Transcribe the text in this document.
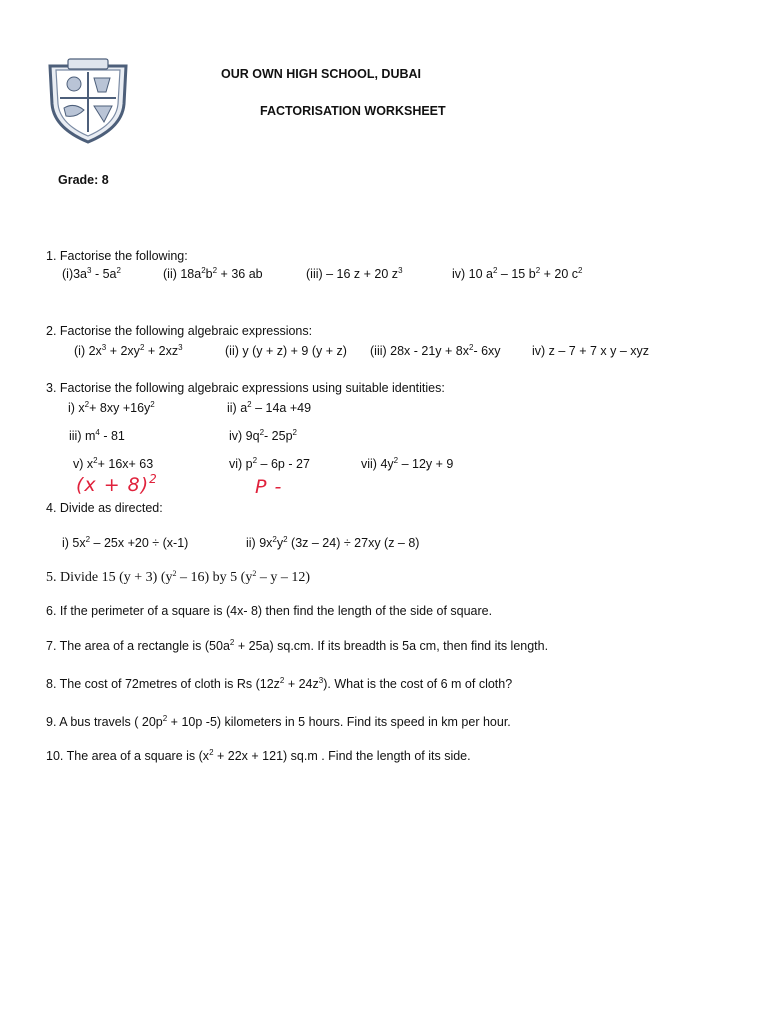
OUR OWN HIGH SCHOOL, DUBAI
FACTORISATION WORKSHEET
Grade: 8
1. Factorise the following:
$(i)3a^3 - 5a^2$	(ii) $18a^2b^2 + 36$ ab	(iii) – 16 z + 20 $z^3$	iv) 10 $a^2 - 15$ $b^2 + 20$ $c^2$
2. Factorise the following algebraic expressions:
(i) $2x^3 + 2xy^2 + 2xz^3$	(ii) y (y + z) + 9 (y + z) (iii) $28x - 21y + 8x^2-$ 6xy	iv) z – 7 + 7 x y – xyz
3. Factorise the following algebraic expressions using suitable identities:
i) $x^2+ 8xy +16y^2$	ii) $a^2 - 14a +49$
iii) $m^4 - 81$	iv) $9q^2-$ $25p^2$
v) $x^2+ 16x+ 63$	vi) $p^2 - 6p - 27$	vii) $4y^2 - 12y + 9$
$(x + 8)^2$	P -
4. Divide as directed:
i) $5x^2 - 25x +20 \div (x-1)$	ii) $9x^2y^2$ (3z – 24) ÷ 27xy (z – 8)
5. Divide 15 (y + 3) $(y^2 - 16)$ by 5 ($y^2$ – y – 12)
6. If the perimeter of a square is (4x- 8) then find the length of the side of square.
7. The area of a rectangle is $(50a^2 + 25a)$ sq.cm. If its breadth is 5a cm, then find its length.
8. The cost of 72metres of cloth is Rs $(12z^2 + 24z^3)$. What is the cost of 6 m of cloth?
9. A bus travels ( $20p^2 + 10p$ -5) kilometers in 5 hours. Find its speed in km per hour.
10. The area of a square is $(x^2 + 22x + 121)$ sq.m . Find the length of its side.
